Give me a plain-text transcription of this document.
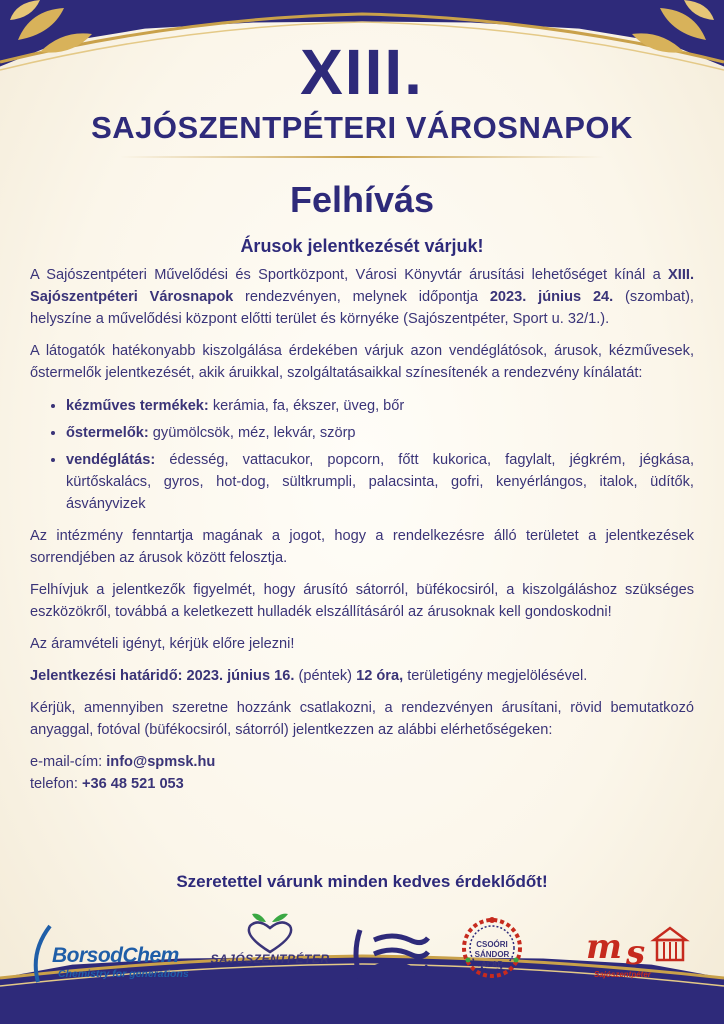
XIII.
SAJÓSZENTPÉTERI VÁROSNAPOK
Felhívás
Árusok jelentkezését várjuk!

A Sajószentpéteri Művelődési és Sportközpont, Városi Könyvtár árusítási lehetőséget kínál a XIII. Sajószentpéteri Városnapok rendezvényen, melynek időpontja 2023. június 24. (szombat), helyszíne a művelődési központ előtti terület és környéke (Sajószentpéter, Sport u. 32/1.).

A látogatók hatékonyabb kiszolgálása érdekében várjuk azon vendéglátósok, árusok, kézművesek, őstermelők jelentkezését, akik áruikkal, szolgáltatásaikkal színesítenék a rendezvény kínálatát:

• kézműves termékek: kerámia, fa, ékszer, üveg, bőr
• őstermelők: gyümölcsök, méz, lekvár, szörp
• vendéglátás: édesség, vattacukor, popcorn, főtt kukorica, fagylalt, jégkrém, jégkása, kürtőskalács, gyros, hot-dog, sültkrumpli, palacsinta, gofri, kenyérlángos, italok, üdítők, ásványvizek

Az intézmény fenntartja magának a jogot, hogy a rendelkezésre álló területet a jelentkezések sorrendjében az árusok között felosztja.

Felhívjuk a jelentkezők figyelmét, hogy árusító sátorról, büfékocsiról, a kiszolgáláshoz szükséges eszközökről, továbbá a keletkezett hulladék elszállításáról az árusoknak kell gondoskodni!

Az áramvételi igényt, kérjük előre jelezni!

Jelentkezési határidő: 2023. június 16. (péntek) 12 óra, területigény megjelölésével.

Kérjük, amennyiben szeretne hozzánk csatlakozni, a rendezvényen árusítani, rövid bemutatkozó anyaggal, fotóval (büfékocsiról, sátorról) jelentkezzen az alábbi elérhetőségeken:

e-mail-cím: info@spmsk.hu
telefon: +36 48 521 053

Szeretettel várunk minden kedves érdeklődőt!
BorsodChem
Chemistry for generations
SAJÓSZENTPÉTER
CSOÓRI
SÁNDOR
ALAP	m s
Sajószentpéter
